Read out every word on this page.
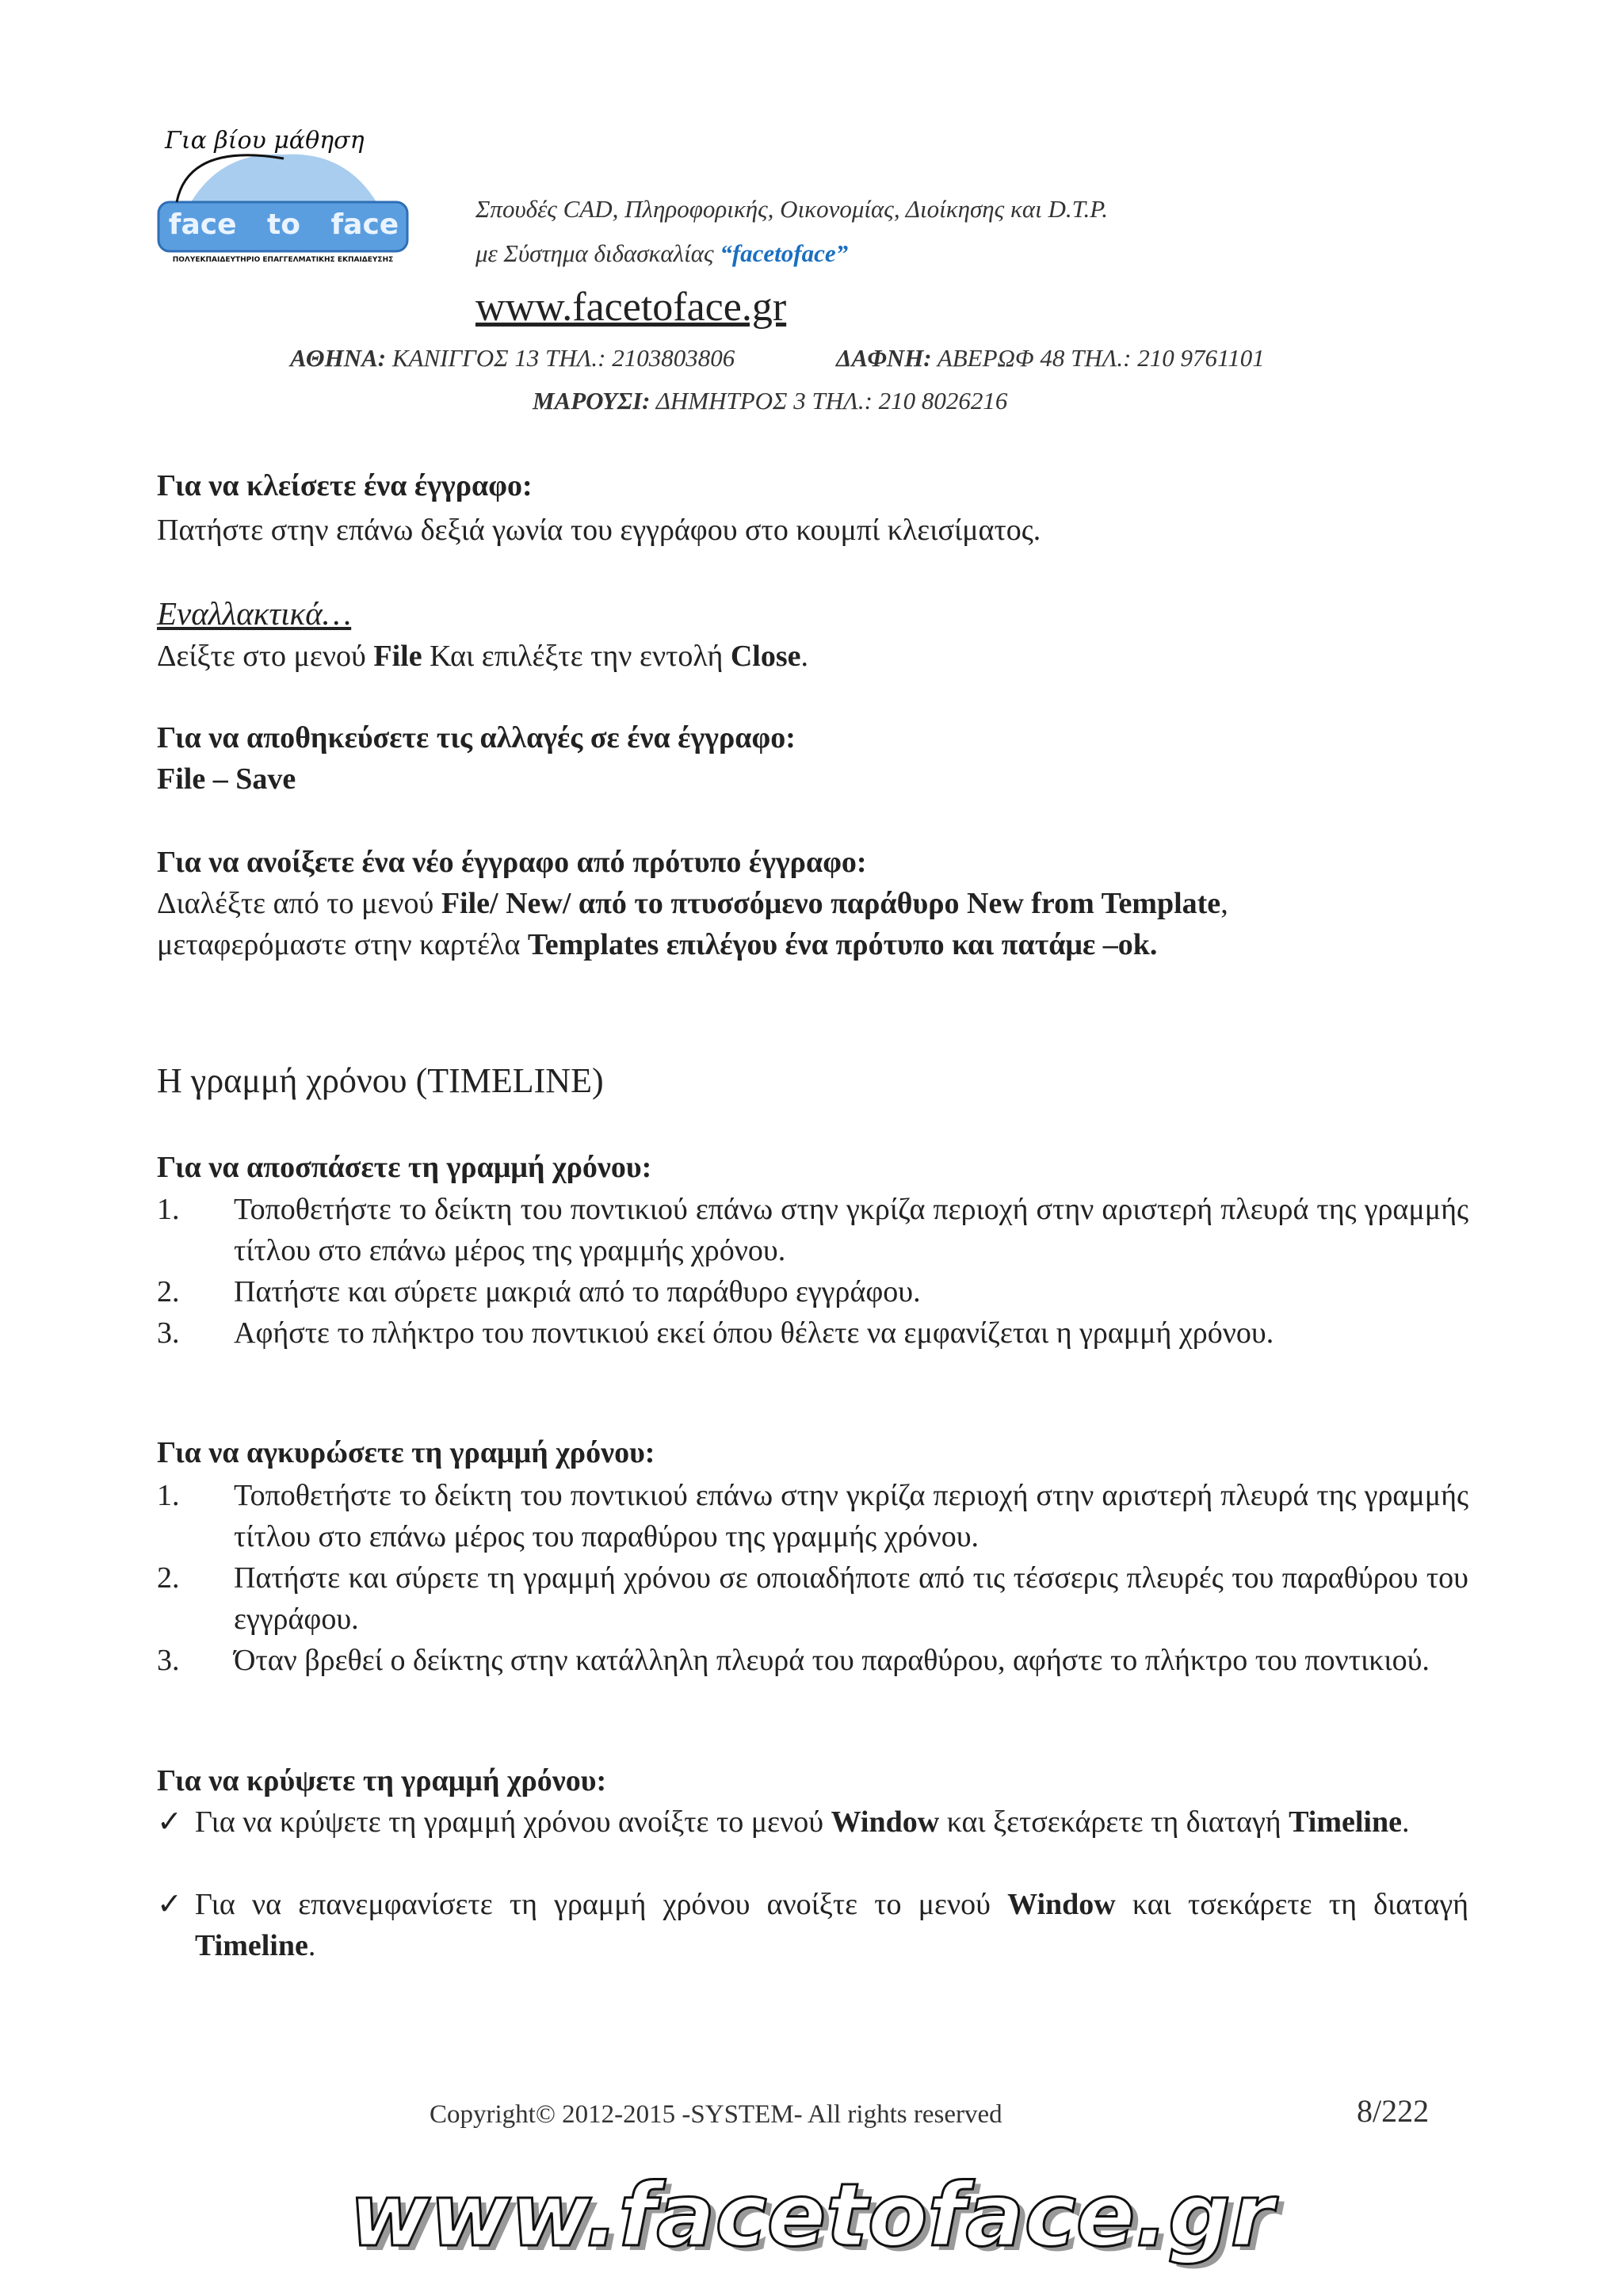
Για βίου μάθηση
face to face
ΠΟΛΥΕΚΠΑΙΔΕΥΤΗΡΙΟ ΕΠΑΓΓΕΛΜΑΤΙΚΗΣ ΕΚΠΑΙΔΕΥΣΗΣ
Σπουδές CAD, Πληροφορικής, Οικονομίας, Διοίκησης και D.T.P.
με Σύστημα διδασκαλίας “facetoface”
www.facetoface.gr
ΑΘΗΝΑ: ΚΑΝΙΓΓΟΣ 13 ΤΗΛ.: 2103803806	ΔΑΦΝΗ: ΑΒΕΡΩΦ 48 ΤΗΛ.: 210 9761101
ΜΑΡΟΥΣΙ: ΔΗΜΗΤΡΟΣ 3 ΤΗΛ.: 210 8026216
Για να κλείσετε ένα έγγραφο:
Πατήστε στην επάνω δεξιά γωνία του εγγράφου στο κουμπί κλεισίματος.
Εναλλακτικά…
Δείξτε στο μενού File Και επιλέξτε την εντολή Close.
Για να αποθηκεύσετε τις αλλαγές σε ένα έγγραφο:
File – Save
Για να ανοίξετε ένα νέο έγγραφο από πρότυπο έγγραφο:
Διαλέξτε από το μενού File/ New/ από το πτυσσόμενο παράθυρο New from Template,
μεταφερόμαστε στην καρτέλα Templates επιλέγου ένα πρότυπο και πατάμε –ok.
Η γραμμή χρόνου (TIMELINE)
Για να αποσπάσετε τη γραμμή χρόνου:
1. Τοποθετήστε το δείκτη του ποντικιού επάνω στην γκρίζα περιοχή στην αριστερή πλευρά της γραμμής τίτλου στο επάνω μέρος της γραμμής χρόνου.
2. Πατήστε και σύρετε μακριά από το παράθυρο εγγράφου.
3. Αφήστε το πλήκτρο του ποντικιού εκεί όπου θέλετε να εμφανίζεται η γραμμή χρόνου.
Για να αγκυρώσετε τη γραμμή χρόνου:
1. Τοποθετήστε το δείκτη του ποντικιού επάνω στην γκρίζα περιοχή στην αριστερή πλευρά της γραμμής τίτλου στο επάνω μέρος του παραθύρου της γραμμής χρόνου.
2. Πατήστε και σύρετε τη γραμμή χρόνου σε οποιαδήποτε από τις τέσσερις πλευρές του παραθύρου του εγγράφου.
3. Όταν βρεθεί ο δείκτης στην κατάλληλη πλευρά του παραθύρου, αφήστε το πλήκτρο του ποντικιού.
Για να κρύψετε τη γραμμή χρόνου:
✓ Για να κρύψετε τη γραμμή χρόνου ανοίξτε το μενού Window και ξετσεκάρετε τη διαταγή Timeline.
✓ Για να επανεμφανίσετε τη γραμμή χρόνου ανοίξτε το μενού Window και τσεκάρετε τη διαταγή Timeline.
Copyright© 2012-2015 -SYSTEM- All rights reserved	8/222
www.facetoface.gr
